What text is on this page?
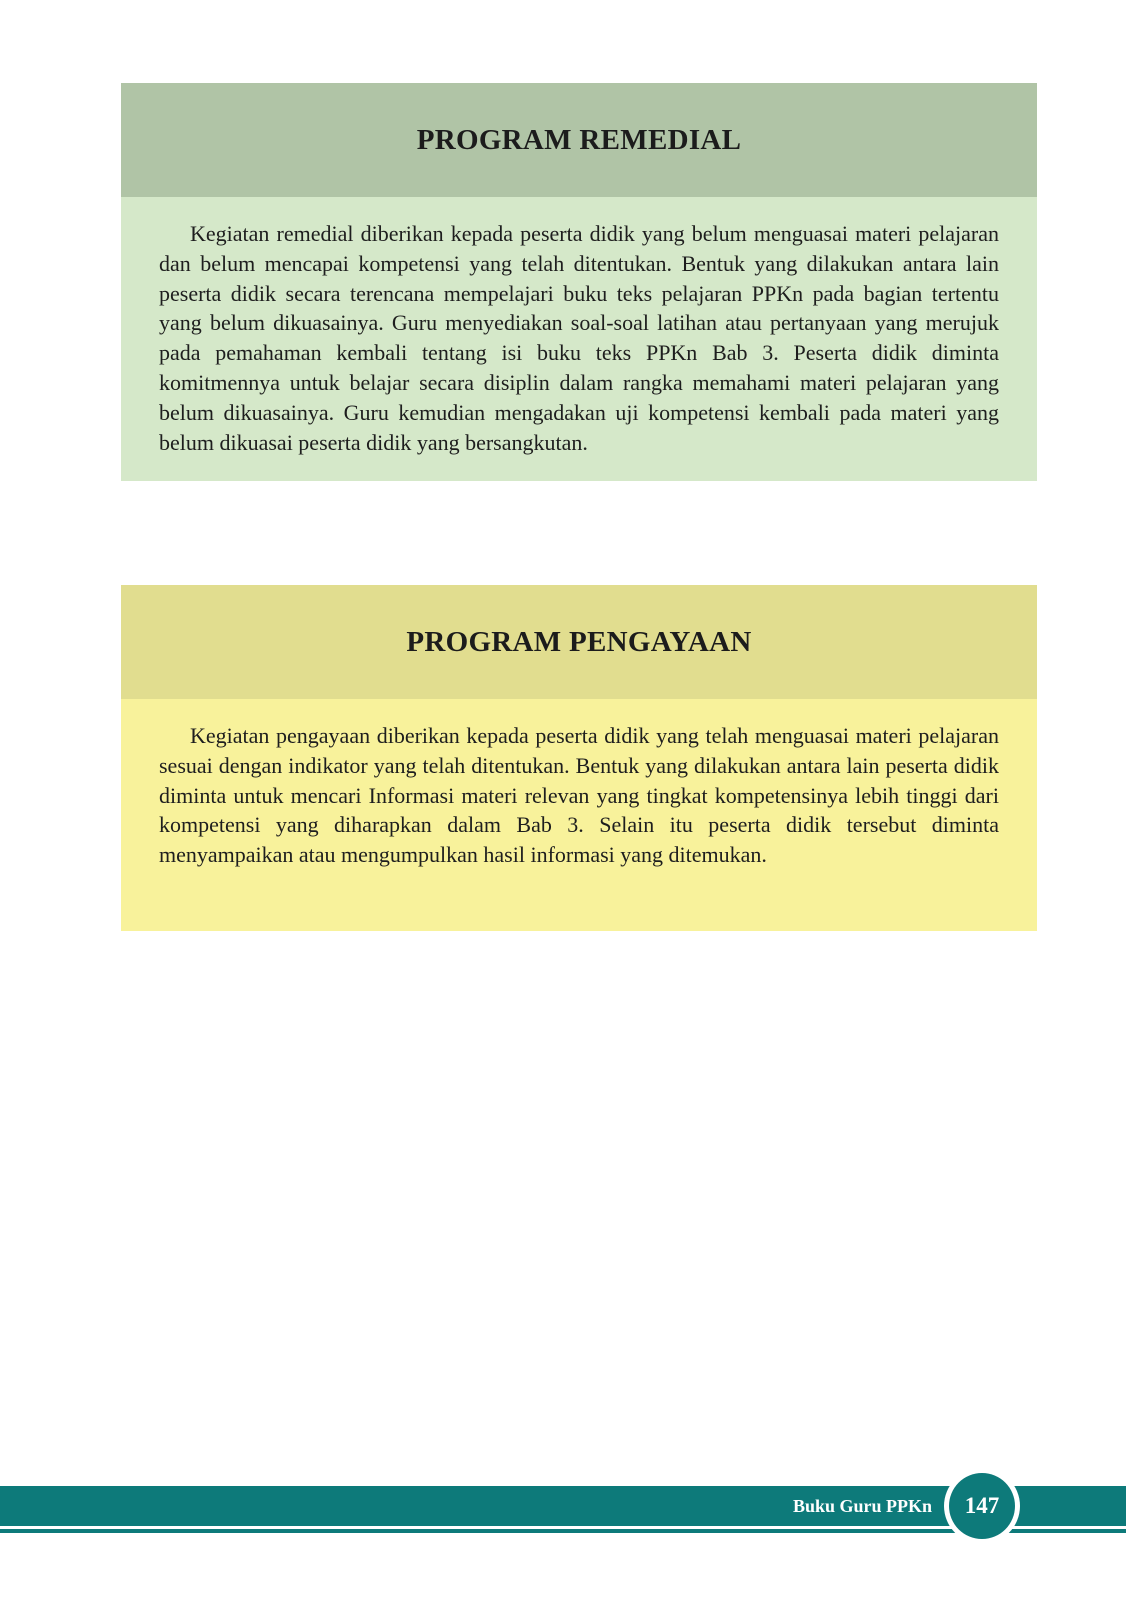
PROGRAM REMEDIAL

Kegiatan remedial diberikan kepada peserta didik yang belum menguasai materi pelajaran dan belum mencapai kompetensi yang telah ditentukan. Bentuk yang dilakukan antara lain peserta didik secara terencana mempelajari buku teks pelajaran PPKn pada bagian tertentu yang belum dikuasainya. Guru menyediakan soal-soal latihan atau pertanyaan yang merujuk pada pemahaman kembali tentang isi buku teks PPKn Bab 3. Peserta didik diminta komitmennya untuk belajar secara disiplin dalam rangka memahami materi pelajaran yang belum dikuasainya. Guru kemudian mengadakan uji kompetensi kembali pada materi yang belum dikuasai peserta didik yang bersangkutan.

PROGRAM PENGAYAAN

Kegiatan pengayaan diberikan kepada peserta didik yang telah menguasai materi pelajaran sesuai dengan indikator yang telah ditentukan. Bentuk yang dilakukan antara lain peserta didik diminta untuk mencari Informasi materi relevan yang tingkat kompetensinya lebih tinggi dari kompetensi yang diharapkan dalam Bab 3. Selain itu peserta didik tersebut diminta menyampaikan atau mengumpulkan hasil informasi yang ditemukan.

Buku Guru PPKn 147
